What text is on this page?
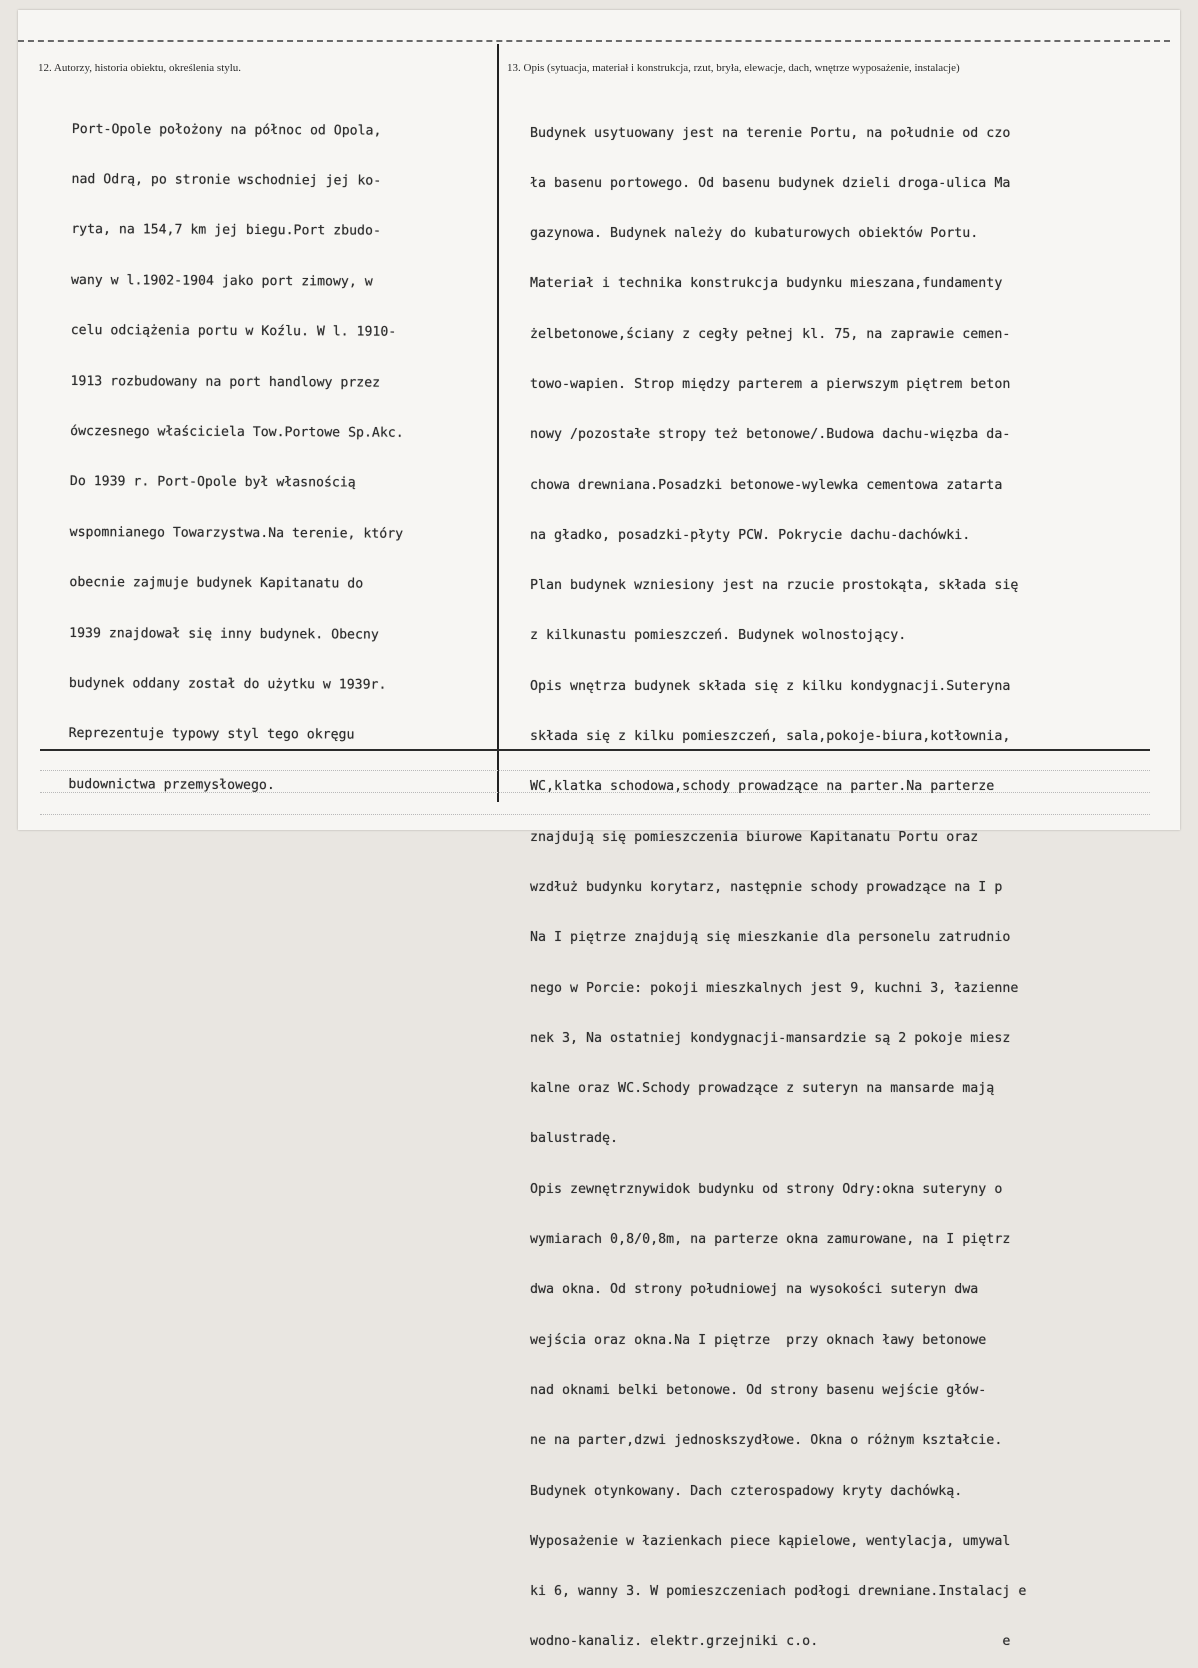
12. Autorzy, historia obiektu, określenia stylu.	13. Opis (sytuacja, materiał i konstrukcja, rzut, bryła, elewacje, dach, wnętrze wyposażenie, instalacje)

Port-Opole położony na północ od Opola,

nad Odrą, po stronie wschodniej jej ko-

ryta, na 154,7 km jej biegu.Port zbudo-

wany w l.1902-1904 jako port zimowy, w

celu odciążenia portu w Koźlu. W l. 1910-

1913 rozbudowany na port handlowy przez

ówczesnego właściciela Tow.Portowe Sp.Akc.

Do 1939 r. Port-Opole był własnością

wspomnianego Towarzystwa.Na terenie, który

obecnie zajmuje budynek Kapitanatu do

1939 znajdował się inny budynek. Obecny

budynek oddany został do użytku w 1939r.

Reprezentuje typowy styl tego okręgu

budownictwa przemysłowego.

Budynek usytuowany jest na terenie Portu, na południe od czo

ła basenu portowego. Od basenu budynek dzieli droga-ulica Ma

gazynowa. Budynek należy do kubaturowych obiektów Portu.

Materiał i technika konstrukcja budynku mieszana,fundamenty

żelbetonowe,ściany z cegły pełnej kl. 75, na zaprawie cemen-

towo-wapien. Strop między parterem a pierwszym piętrem beton

nowy /pozostałe stropy też betonowe/.Budowa dachu-więzba da-

chowa drewniana.Posadzki betonowe-wylewka cementowa zatarta

na gładko, posadzki-płyty PCW. Pokrycie dachu-dachówki.

Plan budynek wzniesiony jest na rzucie prostokąta, składa się

z kilkunastu pomieszczeń. Budynek wolnostojący.

Opis wnętrza budynek składa się z kilku kondygnacji.Suteryna

składa się z kilku pomieszczeń, sala,pokoje-biura,kotłownia,

WC,klatka schodowa,schody prowadzące na parter.Na parterze

znajdują się pomieszczenia biurowe Kapitanatu Portu oraz

wzdłuż budynku korytarz, następnie schody prowadzące na I p

Na I piętrze znajdują się mieszkanie dla personelu zatrudnio

nego w Porcie: pokoji mieszkalnych jest 9, kuchni 3, łazienne

nek 3, Na ostatniej kondygnacji-mansardzie są 2 pokoje miesz

kalne oraz WC.Schody prowadzące z suteryn na mansarde mają

balustradę.

Opis zewnętrznywidok budynku od strony Odry:okna suteryny o

wymiarach 0,8/0,8m, na parterze okna zamurowane, na I piętrz

dwa okna. Od strony południowej na wysokości suteryn dwa

wejścia oraz okna.Na I piętrze  przy oknach ławy betonowe

nad oknami belki betonowe. Od strony basenu wejście głów-

ne na parter,dzwi jednoskszydłowe. Okna o różnym kształcie.

Budynek otynkowany. Dach czterospadowy kryty dachówką.

Wyposażenie w łazienkach piece kąpielowe, wentylacja, umywal

ki 6, wanny 3. W pomieszczeniach podłogi drewniane.Instalacj e

wodno-kanaliz. elektr.grzejniki c.o.                       e
